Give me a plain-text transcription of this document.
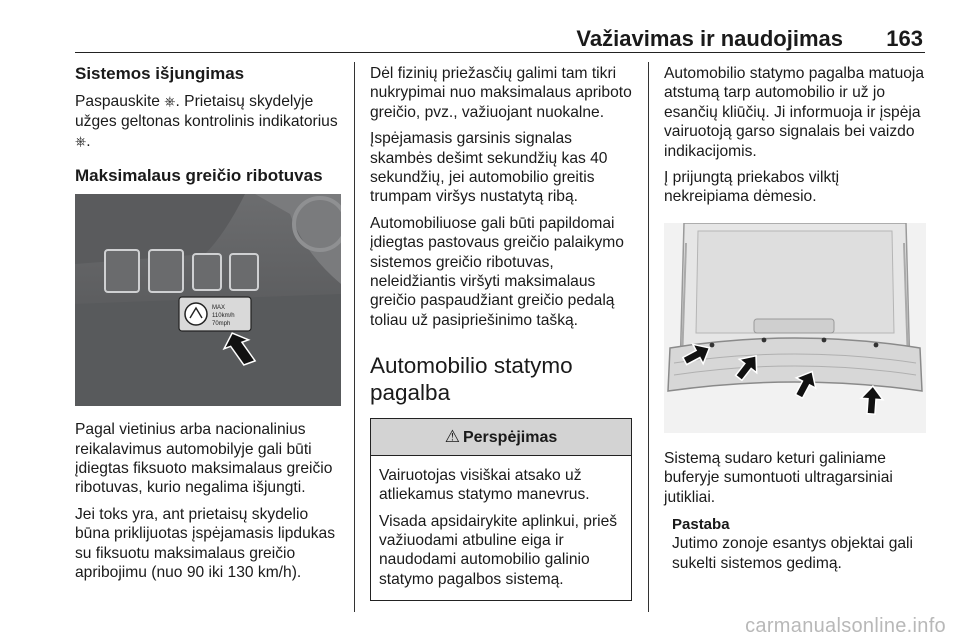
Važiavimas ir naudojimas 163
Sistemos išjungimas

Paspauskite ⎈. Prietaisų skydelyje užges geltonas kontrolinis indikatorius ⎈.

Maksimalaus greičio ribotuvas
MAX
110km/h
70mph

Pagal vietinius arba nacionalinius reikalavimus automobilyje gali būti įdiegtas fiksuoto maksimalaus greičio ribotuvas, kurio negalima išjungti.

Jei toks yra, ant prietaisų skydelio būna priklijuotas įspėjamasis lipdukas su fiksuotu maksimalaus greičio apribojimu (nuo 90 iki 130 km/h).

Dėl fizinių priežasčių galimi tam tikri nukrypimai nuo maksimalaus apriboto greičio, pvz., važiuojant nuokalne.

Įspėjamasis garsinis signalas skambės dešimt sekundžių kas 40 sekundžių, jei automobilio greitis trumpam viršys nustatytą ribą.

Automobiliuose gali būti papildomai įdiegtas pastovaus greičio palaikymo sistemos greičio ribotuvas, neleidžiantis viršyti maksimalaus greičio paspaudžiant greičio pedalą toliau už pasipriešinimo tašką.

Automobilio statymo pagalba
⚠ Perspėjimas

Vairuotojas visiškai atsako už atliekamus statymo manevrus.

Visada apsidairykite aplinkui, prieš važiuodami atbuline eiga ir naudodami automobilio galinio statymo pagalbos sistemą.

Automobilio statymo pagalba matuoja atstumą tarp automobilio ir už jo esančių kliūčių. Ji informuoja ir įspėja vairuotoją garso signalais bei vaizdo indikacijomis.

Į prijungtą priekabos vilktį nekreipiama dėmesio.

Sistemą sudaro keturi galiniame buferyje sumontuoti ultragarsiniai jutikliai.

Pastaba
Jutimo zonoje esantys objektai gali sukelti sistemos gedimą.
carmanualsonline.info
